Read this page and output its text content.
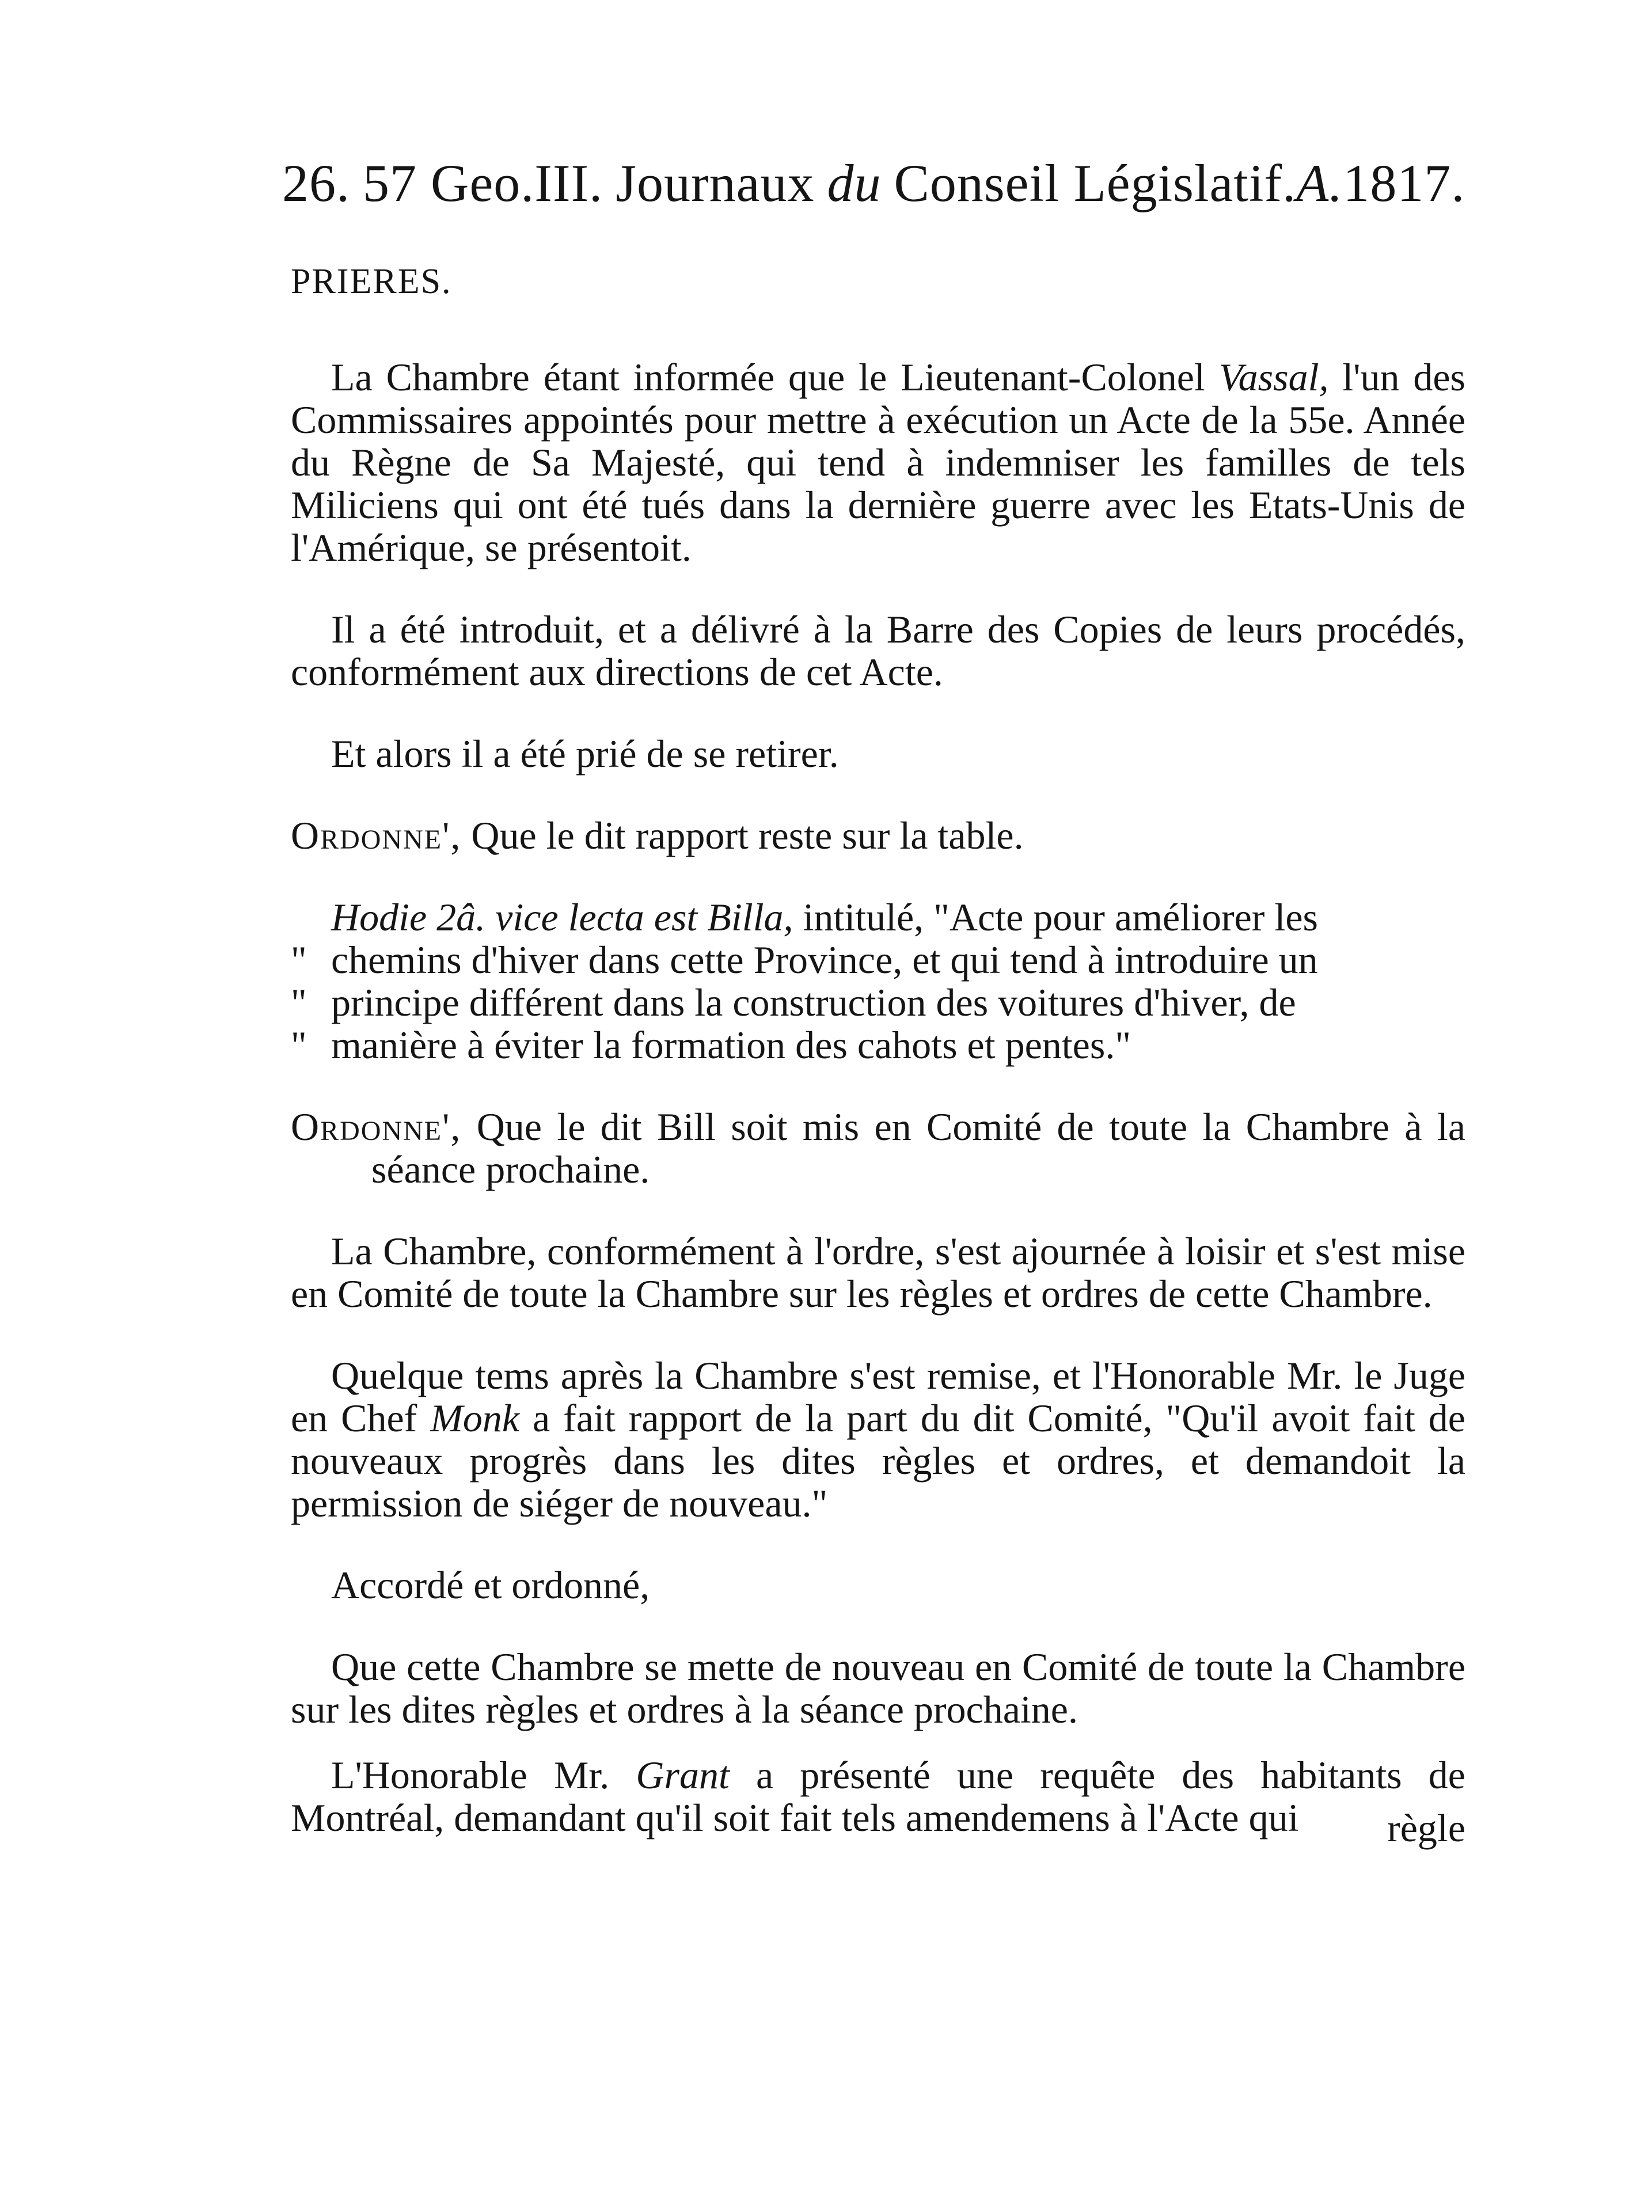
26. 57 Geo.III. Journaux du Conseil Législatif.A.1817.
PRIERES.

La Chambre étant informée que le Lieutenant-Colonel Vassal, l'un des Commissaires appointés pour mettre à exécution un Acte de la 55e. Année du Règne de Sa Majesté, qui tend à indemniser les familles de tels Miliciens qui ont été tués dans la dernière guerre avec les Etats-Unis de l'Amérique, se présentoit.

Il a été introduit, et a délivré à la Barre des Copies de leurs procédés, conformément aux directions de cet Acte.

Et alors il a été prié de se retirer.

Ordonne', Que le dit rapport reste sur la table.

Hodie 2â. vice lecta est Billa, intitulé, "Acte pour améliorer les

" chemins d'hiver dans cette Province, et qui tend à introduire un
" principe différent dans la construction des voitures d'hiver, de
" manière à éviter la formation des cahots et pentes."

Ordonne', Que le dit Bill soit mis en Comité de toute la Chambre à la séance prochaine.

La Chambre, conformément à l'ordre, s'est ajournée à loisir et s'est mise en Comité de toute la Chambre sur les règles et ordres de cette Chambre.

Quelque tems après la Chambre s'est remise, et l'Honorable Mr. le Juge en Chef Monk a fait rapport de la part du dit Comité, "Qu'il avoit fait de nouveaux progrès dans les dites règles et ordres, et demandoit la permission de siéger de nouveau."

Accordé et ordonné,

Que cette Chambre se mette de nouveau en Comité de toute la Chambre sur les dites règles et ordres à la séance prochaine.

L'Honorable Mr. Grant a présenté une requête des habitants de Montréal, demandant qu'il soit fait tels amendemens à l'Acte qui	règle
